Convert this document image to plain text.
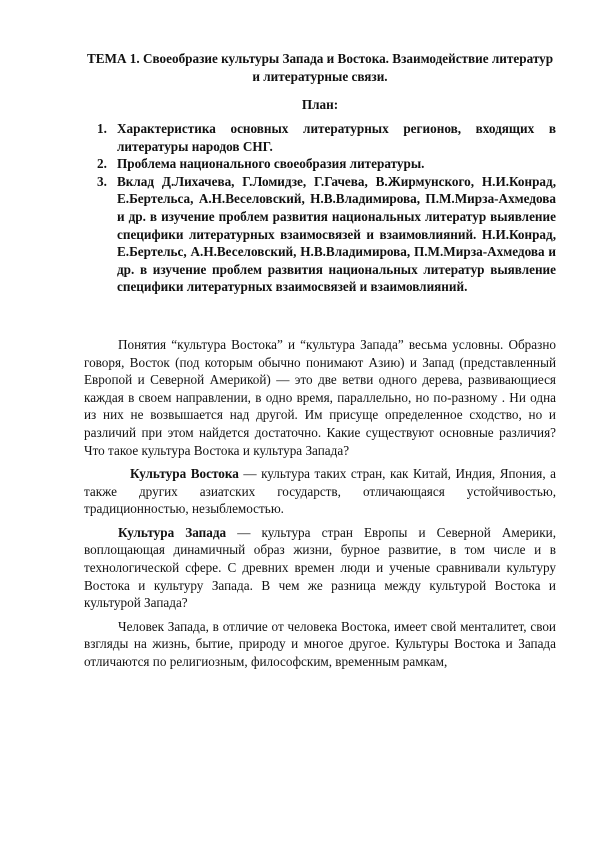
ТЕМА 1. Своеобразие культуры Запада и Востока. Взаимодействие литератур и литературные связи.
План:
1. Характеристика основных литературных регионов, входящих в литературы народов СНГ.
2. Проблема национального своеобразия литературы.
3. Вклад Д.Лихачева, Г.Ломидзе, Г.Гачева, В.Жирмунского, Н.И.Конрад, Е.Бертельса, А.Н.Веселовский, Н.В.Владимирова, П.М.Мирза-Ахмедова и др. в изучение проблем развития национальных литератур выявление специфики литературных взаимосвязей и взаимовлияний. Н.И.Конрад, Е.Бертельс, А.Н.Веселовский, Н.В.Владимирова, П.М.Мирза-Ахмедова и др. в изучение проблем развития национальных литератур выявление специфики литературных взаимосвязей и взаимовлияний.

Понятия “культура Востока” и “культура Запада” весьма условны. Образно говоря, Восток (под которым обычно понимают Азию) и Запад (представленный Европой и Северной Америкой) — это две ветви одного дерева, развивающиеся каждая в своем направлении, в одно время, параллельно, но по-разному . Ни одна из них не возвышается над другой. Им присуще определенное сходство, но и различий при этом найдется достаточно. Какие существуют основные различия? Что такое культура Востока и культура Запада?

Культура Востока — культура таких стран, как Китай, Индия, Япония, а также других азиатских государств, отличающаяся устойчивостью, традиционностью, незыблемостью.

Культура Запада — культура стран Европы и Северной Америки, воплощающая динамичный образ жизни, бурное развитие, в том числе и в технологической сфере. С древних времен люди и ученые сравнивали культуру Востока и культуру Запада. В чем же разница между культурой Востока и культурой Запада?

Человек Запада, в отличие от человека Востока, имеет свой менталитет, свои взгляды на жизнь, бытие, природу и многое другое. Культуры Востока и Запада отличаются по религиозным, философским, временным рамкам,
